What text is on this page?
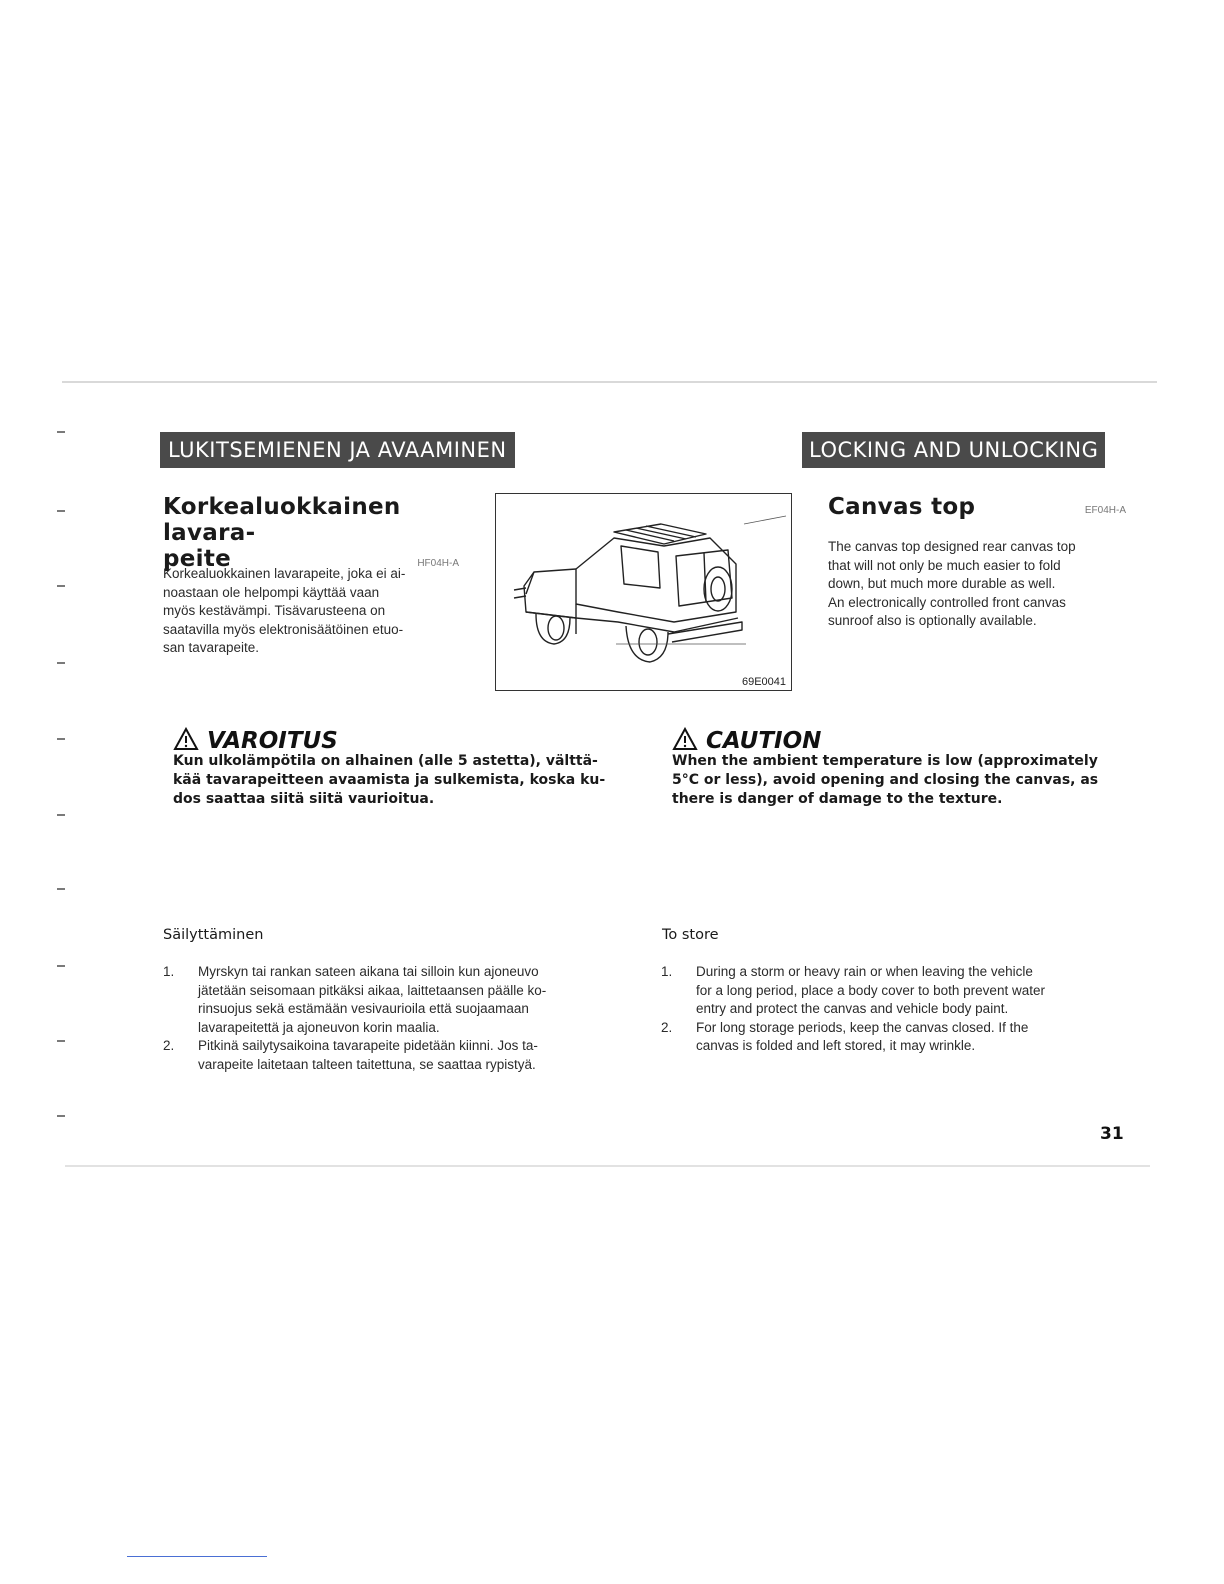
LUKITSEMIENEN JA AVAAMINEN	LOCKING AND UNLOCKING
Korkealuokkainen lavara-
peite	HF04H-A
Korkealuokkainen lavarapeite, joka ei ai-
noastaan ole helpompi käyttää vaan
myös kestävämpi. Tisävarusteena on
saatavilla myös elektronisäätöinen etuo-
san tavarapeite.
69E0041
Canvas top	EF04H-A
The canvas top designed rear canvas top
that will not only be much easier to fold
down, but much more durable as well.
An electronically controlled front canvas
sunroof also is optionally available.
VAROITUS
Kun ulkolämpötila on alhainen (alle 5 astetta), välttä-
kää tavarapeitteen avaamista ja sulkemista, koska ku-
dos saattaa siitä siitä vaurioitua.
CAUTION
When the ambient temperature is low (approximately
5°C or less), avoid opening and closing the canvas, as
there is danger of damage to the texture.
Säilyttäminen
1. Myrskyn tai rankan sateen aikana tai silloin kun ajoneuvo
jätetään seisomaan pitkäksi aikaa, laittetaansen päälle ko-
rinsuojus sekä estämään vesivaurioila että suojaamaan
lavarapeitettä ja ajoneuvon korin maalia.
2. Pitkinä sailytysaikoina tavarapeite pidetään kiinni. Jos ta-
varapeite laitetaan talteen taitettuna, se saattaa rypistyä.
To store
1. During a storm or heavy rain or when leaving the vehicle
for a long period, place a body cover to both prevent water
entry and protect the canvas and vehicle body paint.
2. For long storage periods, keep the canvas closed. If the
canvas is folded and left stored, it may wrinkle.
31
